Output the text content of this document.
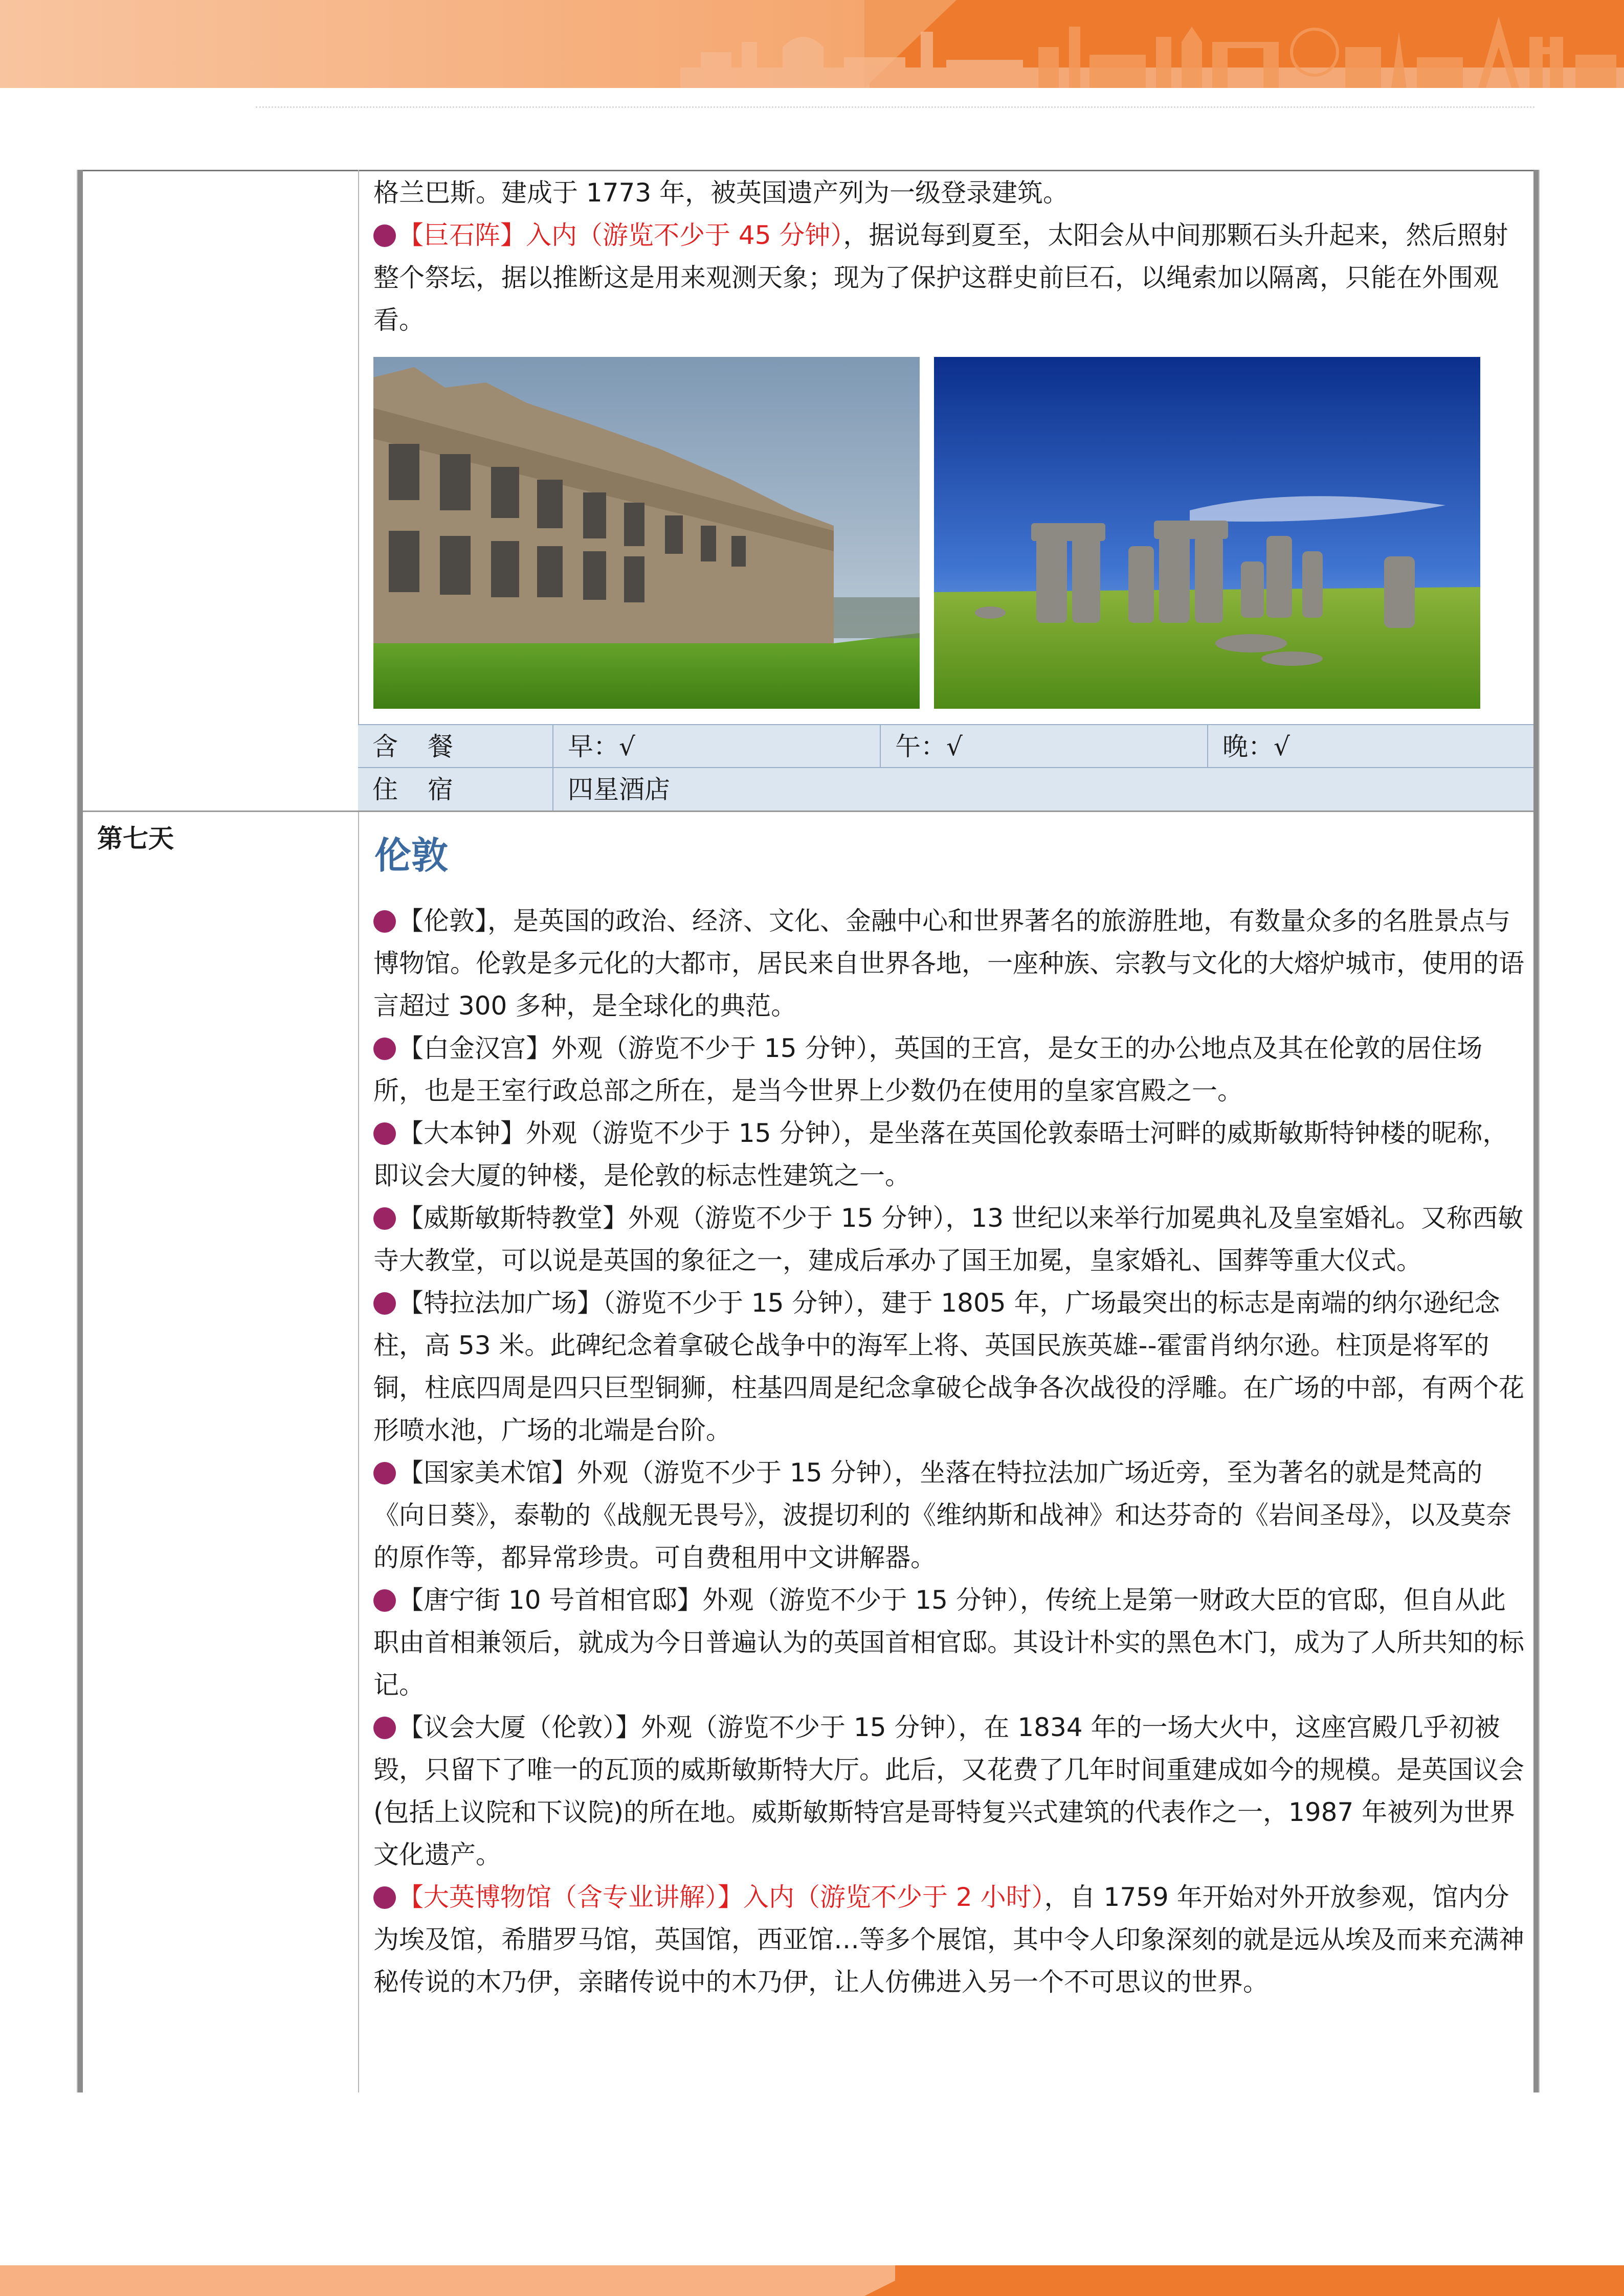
格兰巴斯。建成于 1773 年，被英国遗产列为一级登录建筑。

【巨石阵】入内（游览不少于 45 分钟），据说每到夏至，太阳会从中间那颗石头升起来，然后照射整个祭坛，据以推断这是用来观测天象；现为了保护这群史前巨石，以绳索加以隔离，只能在外围观看。

含　餐	早：√	午：√	晚：√
住　宿	四星酒店
第七天	伦敦

【伦敦】，是英国的政治、经济、文化、金融中心和世界著名的旅游胜地，有数量众多的名胜景点与博物馆。伦敦是多元化的大都市，居民来自世界各地，一座种族、宗教与文化的大熔炉城市，使用的语言超过 300 多种，是全球化的典范。

【白金汉宫】外观（游览不少于 15 分钟），英国的王宫，是女王的办公地点及其在伦敦的居住场所，也是王室行政总部之所在，是当今世界上少数仍在使用的皇家宫殿之一。

【大本钟】外观（游览不少于 15 分钟），是坐落在英国伦敦泰晤士河畔的威斯敏斯特钟楼的昵称，即议会大厦的钟楼，是伦敦的标志性建筑之一。

【威斯敏斯特教堂】外观（游览不少于 15 分钟），13 世纪以来举行加冕典礼及皇室婚礼。又称西敏寺大教堂，可以说是英国的象征之一，建成后承办了国王加冕，皇家婚礼、国葬等重大仪式。

【特拉法加广场】（游览不少于 15 分钟），建于 1805 年，广场最突出的标志是南端的纳尔逊纪念柱，高 53 米。此碑纪念着拿破仑战争中的海军上将、英国民族英雄--霍雷肖纳尔逊。柱顶是将军的铜，柱底四周是四只巨型铜狮，柱基四周是纪念拿破仑战争各次战役的浮雕。在广场的中部，有两个花形喷水池，广场的北端是台阶。

【国家美术馆】外观（游览不少于 15 分钟），坐落在特拉法加广场近旁，至为著名的就是梵高的《向日葵》，泰勒的《战舰无畏号》，波提切利的《维纳斯和战神》和达芬奇的《岩间圣母》，以及莫奈的原作等，都异常珍贵。可自费租用中文讲解器。

【唐宁街 10 号首相官邸】外观（游览不少于 15 分钟），传统上是第一财政大臣的官邸，但自从此职由首相兼领后，就成为今日普遍认为的英国首相官邸。其设计朴实的黑色木门，成为了人所共知的标记。

【议会大厦（伦敦）】外观（游览不少于 15 分钟），在 1834 年的一场大火中，这座宫殿几乎初被毁，只留下了唯一的瓦顶的威斯敏斯特大厅。此后，又花费了几年时间重建成如今的规模。是英国议会(包括上议院和下议院)的所在地。威斯敏斯特宫是哥特复兴式建筑的代表作之一，1987 年被列为世界文化遗产。

【大英博物馆（含专业讲解）】入内（游览不少于 2 小时），自 1759 年开始对外开放参观，馆内分为埃及馆，希腊罗马馆，英国馆，西亚馆…等多个展馆，其中令人印象深刻的就是远从埃及而来充满神秘传说的木乃伊，亲睹传说中的木乃伊，让人仿佛进入另一个不可思议的世界。
